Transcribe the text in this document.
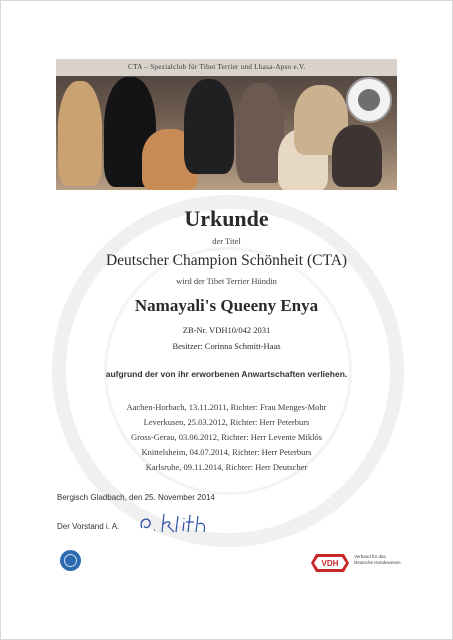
CTA – Spezialclub für Tibet Terrier und Lhasa-Apso e.V.
Urkunde
der Titel
Deutscher Champion Schönheit (CTA)
wird der Tibet Terrier Hündin
Namayali's Queeny Enya
ZB-Nr. VDH10/042 2031
Besitzer: Corinna Schmitt-Haas
aufgrund der von ihr erworbenen Anwartschaften verliehen.
Aachen-Horbach, 13.11.2011, Richter: Frau Menges-Mohr
Leverkusen, 25.03.2012, Richter: Herr Peterburs
Gross-Gerau, 03.06.2012, Richter: Herr Levente Miklós
Knittelsheim, 04.07.2014, Richter: Herr Peterburs
Karlsruhe, 09.11.2014, Richter: Herr Deutscher
Bergisch Gladbach, den 25. November 2014
Der Vorstand i. A.
VDH
Verband für das
Deutsche Hundewesen
